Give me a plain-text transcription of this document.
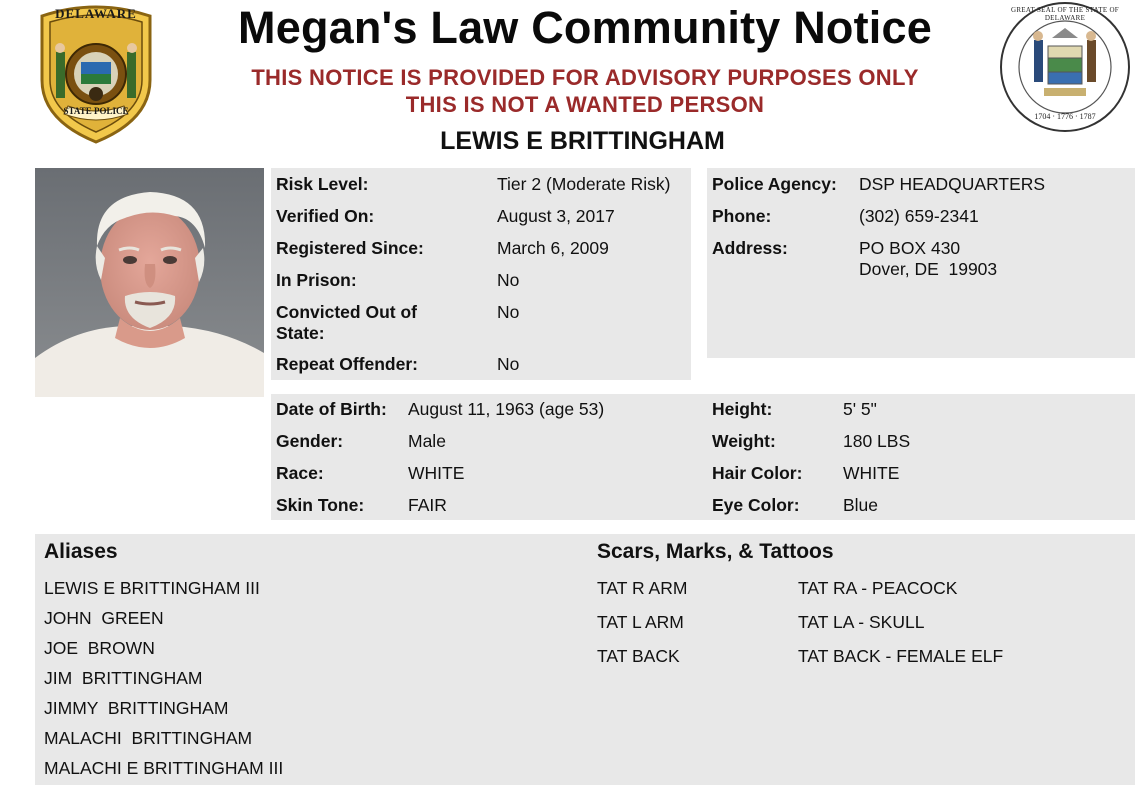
DELAWARE
STATE POLICE
GREAT SEAL OF THE STATE OF DELAWARE
1704 · 1776 · 1787
Megan's Law Community Notice
THIS NOTICE IS PROVIDED FOR ADVISORY PURPOSES ONLY
THIS IS NOT A WANTED PERSON
LEWIS E BRITTINGHAM
Risk Level:	Tier 2 (Moderate Risk)
Verified On:	August 3, 2017
Registered Since:	March 6, 2009
In Prison:	No
Convicted Out of
State:
No
Repeat Offender:	No
Police Agency: DSP HEADQUARTERS
Phone:	(302) 659-2341
Address:	PO BOX 430
Dover, DE  19903
Date of Birth: August 11, 1963 (age 53)
Gender:	Male
Race:	WHITE
Skin Tone:	FAIR
Height:	5' 5"
Weight:	180 LBS
Hair Color: WHITE
Eye Color: Blue
Aliases
LEWIS E BRITTINGHAM III
JOHN  GREEN
JOE  BROWN
JIM  BRITTINGHAM
JIMMY  BRITTINGHAM
MALACHI  BRITTINGHAM
MALACHI E BRITTINGHAM III
Scars, Marks, & Tattoos
TAT R ARM	TAT RA - PEACOCK
TAT L ARM	TAT LA - SKULL
TAT BACK	TAT BACK - FEMALE ELF
